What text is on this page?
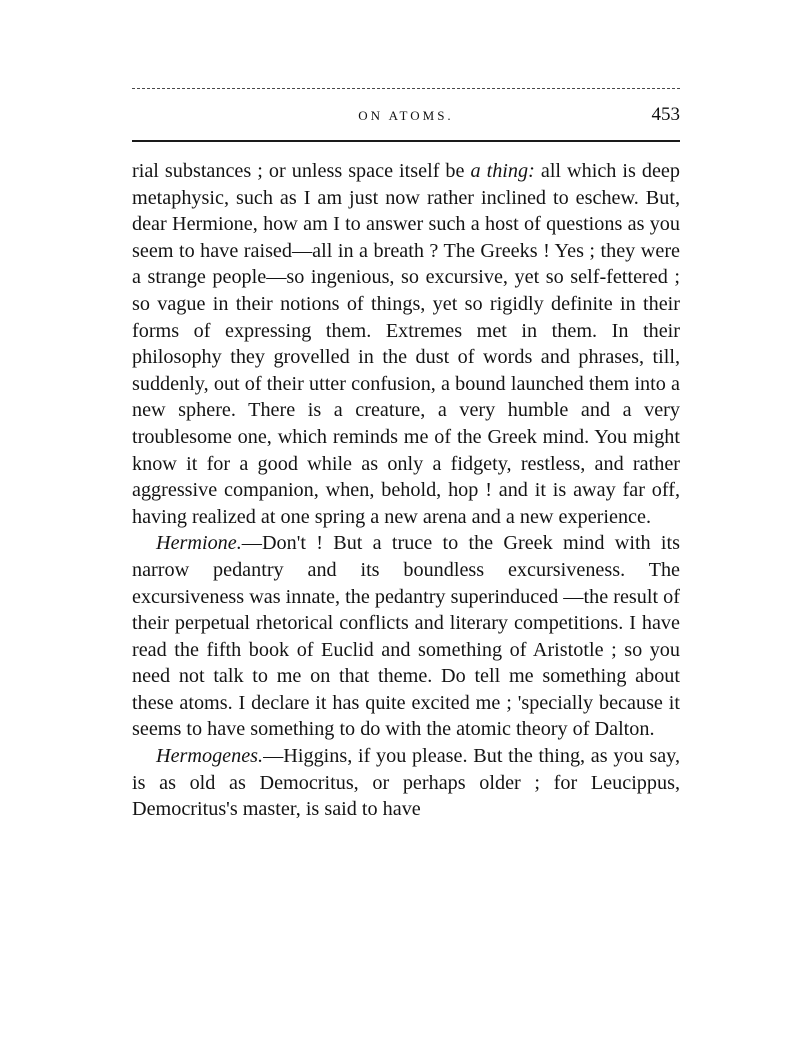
ON ATOMS.	453

rial substances ; or unless space itself be a thing: all which is deep metaphysic, such as I am just now rather inclined to eschew. But, dear Hermione, how am I to answer such a host of questions as you seem to have raised—all in a breath ? The Greeks ! Yes ; they were a strange people—so ingenious, so excursive, yet so self-fettered ; so vague in their notions of things, yet so rigidly definite in their forms of expressing them. Extremes met in them. In their philosophy they grovelled in the dust of words and phrases, till, suddenly, out of their utter confusion, a bound launched them into a new sphere. There is a creature, a very humble and a very troublesome one, which reminds me of the Greek mind. You might know it for a good while as only a fidgety, restless, and rather aggressive companion, when, behold, hop ! and it is away far off, having realized at one spring a new arena and a new experience.

Hermione.—Don't ! But a truce to the Greek mind with its narrow pedantry and its boundless excursiveness. The excursiveness was innate, the pedantry superinduced —the result of their perpetual rhetorical conflicts and literary competitions. I have read the fifth book of Euclid and something of Aristotle ; so you need not talk to me on that theme. Do tell me something about these atoms. I declare it has quite excited me ; 'specially because it seems to have something to do with the atomic theory of Dalton.

Hermogenes.—Higgins, if you please. But the thing, as you say, is as old as Democritus, or perhaps older ; for Leucippus, Democritus's master, is said to have
